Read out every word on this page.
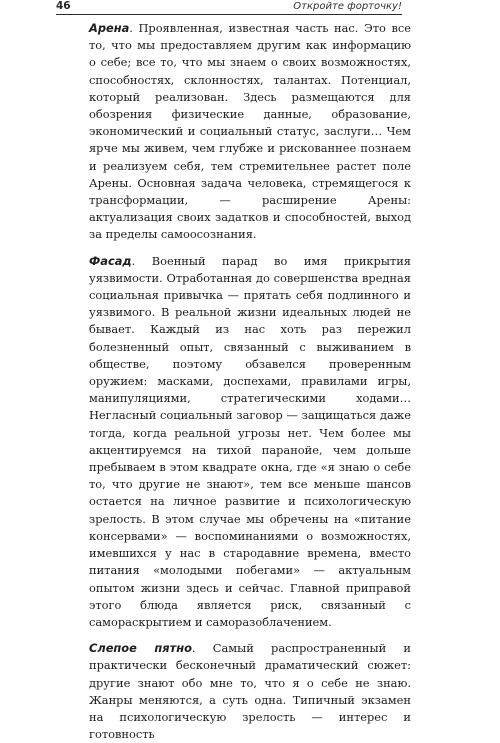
46	Откройте форточку!

Арена. Проявленная, известная часть нас. Это все то, что мы предоставляем другим как информацию о себе; все то, что мы знаем о своих возможностях, способностях, склонностях, талантах. Потенциал, который реализован. Здесь размещаются для обозрения физические данные, образование, экономический и социальный статус, заслуги… Чем ярче мы живем, чем глубже и рискованнее познаем и реализуем себя, тем стремительнее растет поле Арены. Основная задача человека, стремящегося к трансформации, — расширение Арены: актуализация своих задатков и способностей, выход за пределы самоосознания.

Фасад. Военный парад во имя прикрытия уязвимости. Отработанная до совершенства вредная социальная привычка — прятать себя подлинного и уязвимого. В реальной жизни идеальных людей не бывает. Каждый из нас хоть раз пережил болезненный опыт, связанный с выживанием в обществе, поэтому обзавелся проверенным оружием: масками, доспехами, правилами игры, манипуляциями, стратегическими ходами… Негласный социальный заговор — защищаться даже тогда, когда реальной угрозы нет. Чем более мы акцентируемся на тихой паранойе, чем дольше пребываем в этом квадрате окна, где «я знаю о себе то, что другие не знают», тем все меньше шансов остается на личное развитие и психологическую зрелость. В этом случае мы обречены на «питание консервами» — воспоминаниями о возможностях, имевшихся у нас в стародавние времена, вместо питания «молодыми побегами» — актуальным опытом жизни здесь и сейчас. Главной приправой этого блюда является риск, связанный с самораскрытием и саморазоблачением.

Слепое пятно. Самый распространенный и практически бесконечный драматический сюжет: другие знают обо мне то, что я о себе не знаю. Жанры меняются, а суть одна. Типичный экзамен на психологическую зрелость — интерес и готовность
